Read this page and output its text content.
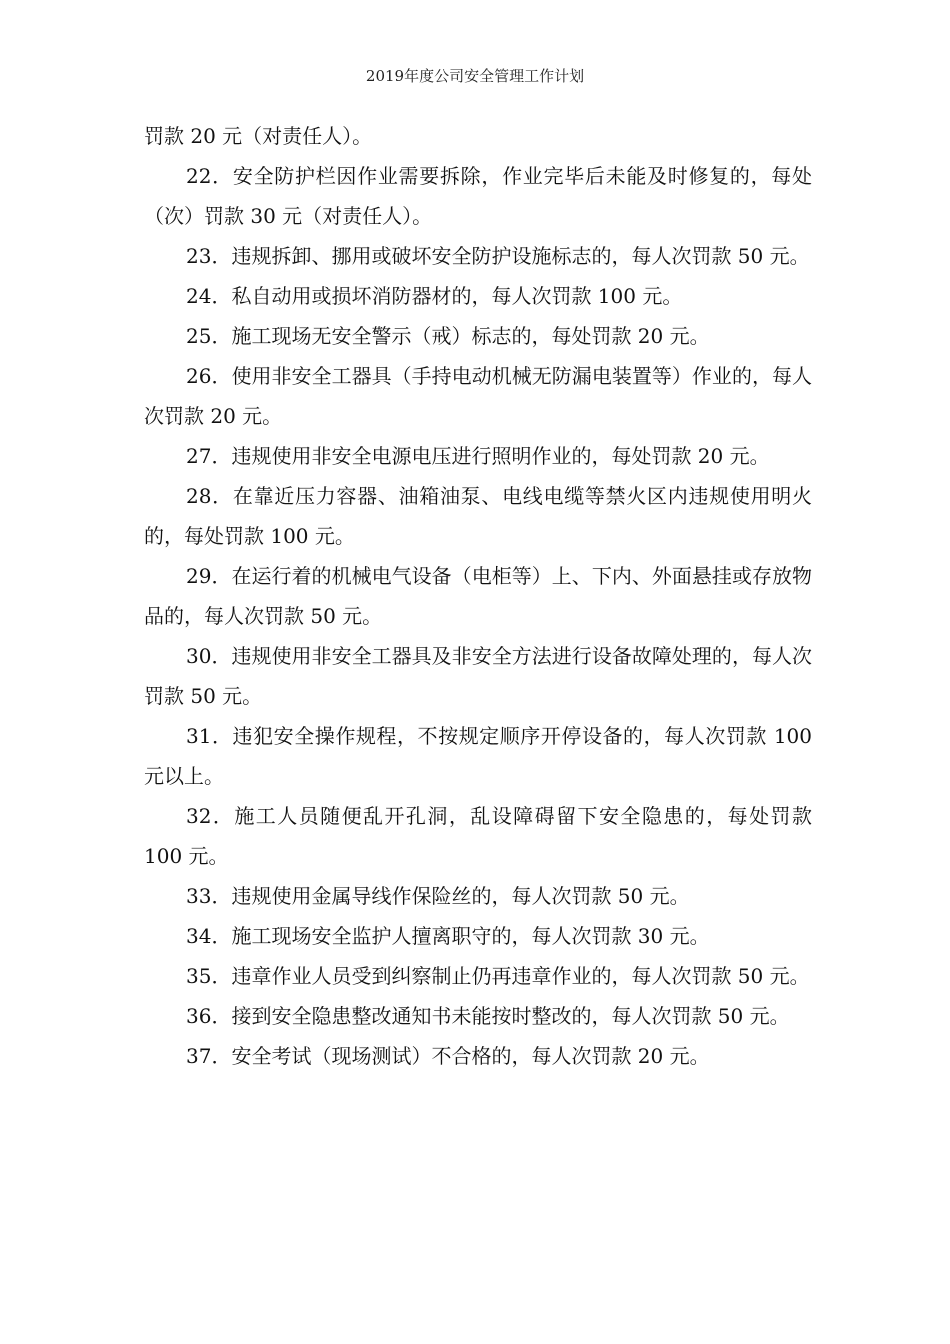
2019年度公司安全管理工作计划

罚款 20 元（对责任人）。

22．安全防护栏因作业需要拆除，作业完毕后未能及时修复的，每处（次）罚款 30 元（对责任人）。

23．违规拆卸、挪用或破坏安全防护设施标志的，每人次罚款 50 元。

24．私自动用或损坏消防器材的，每人次罚款 100 元。

25．施工现场无安全警示（戒）标志的，每处罚款 20 元。

26．使用非安全工器具（手持电动机械无防漏电装置等）作业的，每人次罚款 20 元。

27．违规使用非安全电源电压进行照明作业的，每处罚款 20 元。

28．在靠近压力容器、油箱油泵、电线电缆等禁火区内违规使用明火的，每处罚款 100 元。

29．在运行着的机械电气设备（电柜等）上、下内、外面悬挂或存放物品的，每人次罚款 50 元。

30．违规使用非安全工器具及非安全方法进行设备故障处理的，每人次罚款 50 元。

31．违犯安全操作规程，不按规定顺序开停设备的，每人次罚款 100 元以上。

32．施工人员随便乱开孔洞，乱设障碍留下安全隐患的，每处罚款 100 元。

33．违规使用金属导线作保险丝的，每人次罚款 50 元。

34．施工现场安全监护人擅离职守的，每人次罚款 30 元。

35．违章作业人员受到纠察制止仍再违章作业的，每人次罚款 50 元。

36．接到安全隐患整改通知书未能按时整改的，每人次罚款 50 元。

37．安全考试（现场测试）不合格的，每人次罚款 20 元。
